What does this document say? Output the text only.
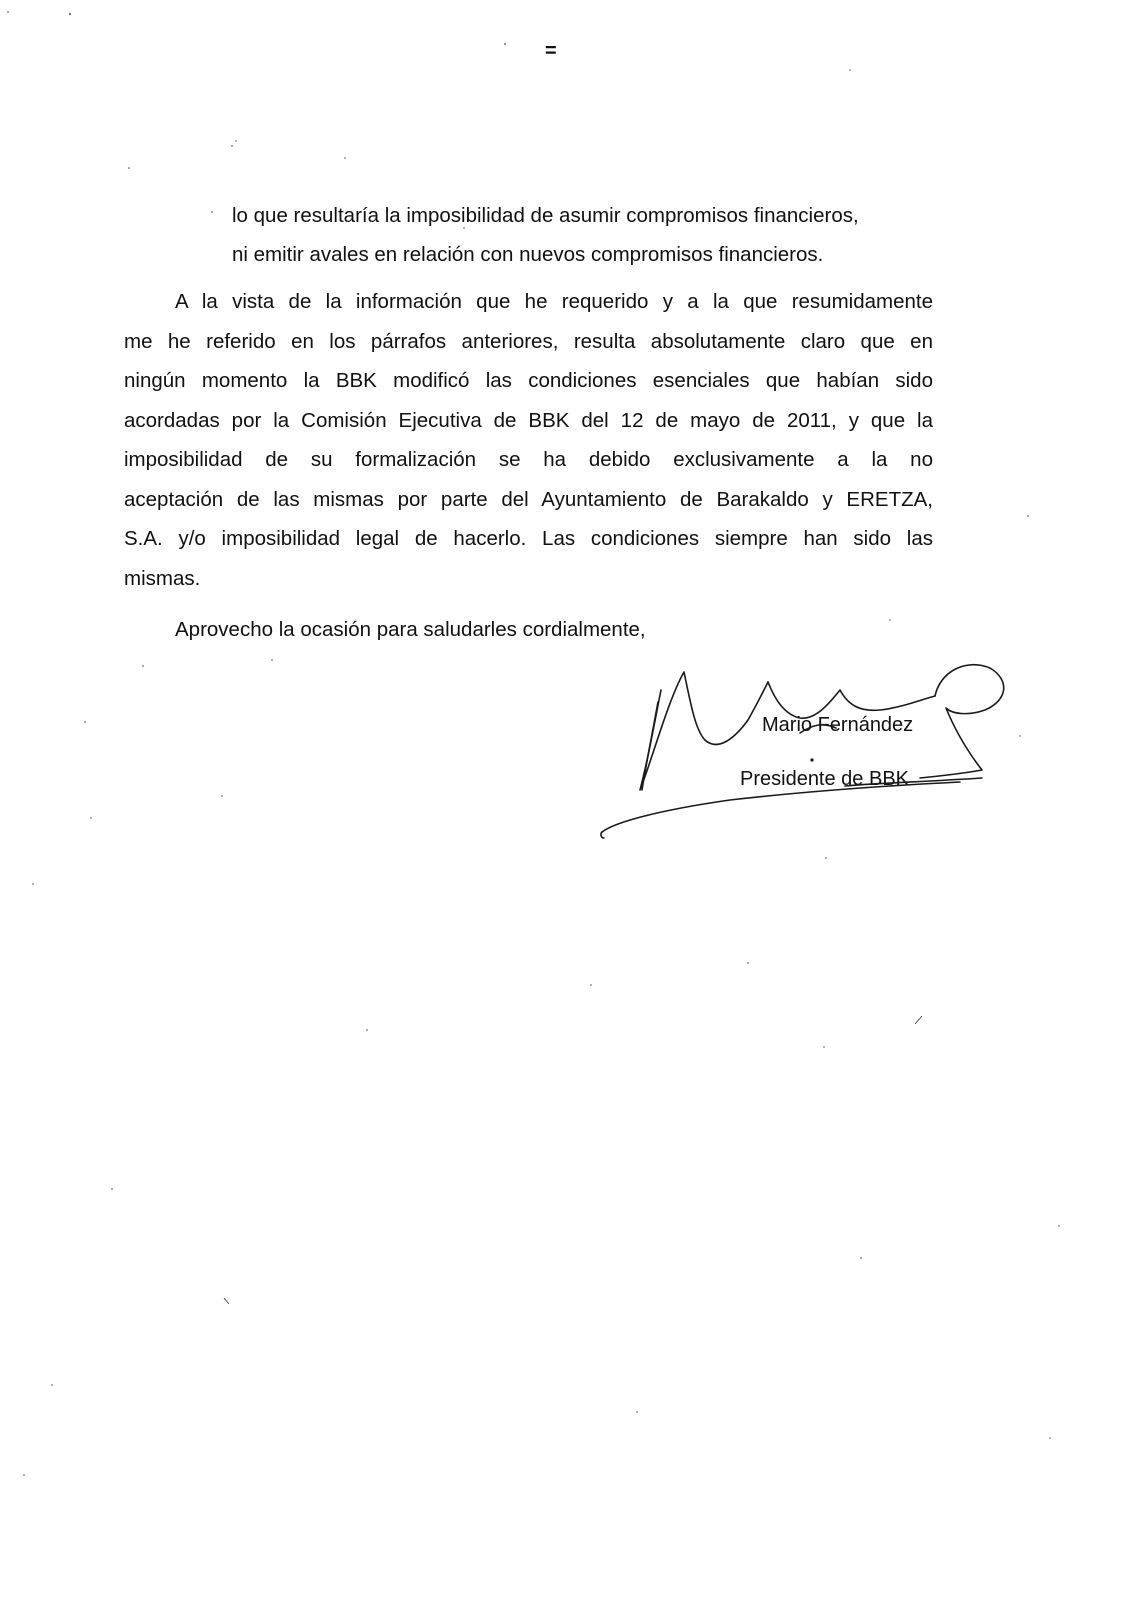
=
lo que resultaría la imposibilidad de asumir compromisos financieros,
ni emitir avales en relación con nuevos compromisos financieros.
A la vista de la información que he requerido y a la que resumidamente
me he referido en los párrafos anteriores, resulta absolutamente claro que en
ningún momento la BBK modificó las condiciones esenciales que habían sido
acordadas por la Comisión Ejecutiva de BBK del 12 de mayo de 2011, y que la
imposibilidad de su formalización se ha debido exclusivamente a la no
aceptación de las mismas por parte del Ayuntamiento de Barakaldo y ERETZA,
S.A. y/o imposibilidad legal de hacerlo. Las condiciones siempre han sido las
mismas.
Aprovecho la ocasión para saludarles cordialmente,
Mario Fernández
Presidente de BBK
